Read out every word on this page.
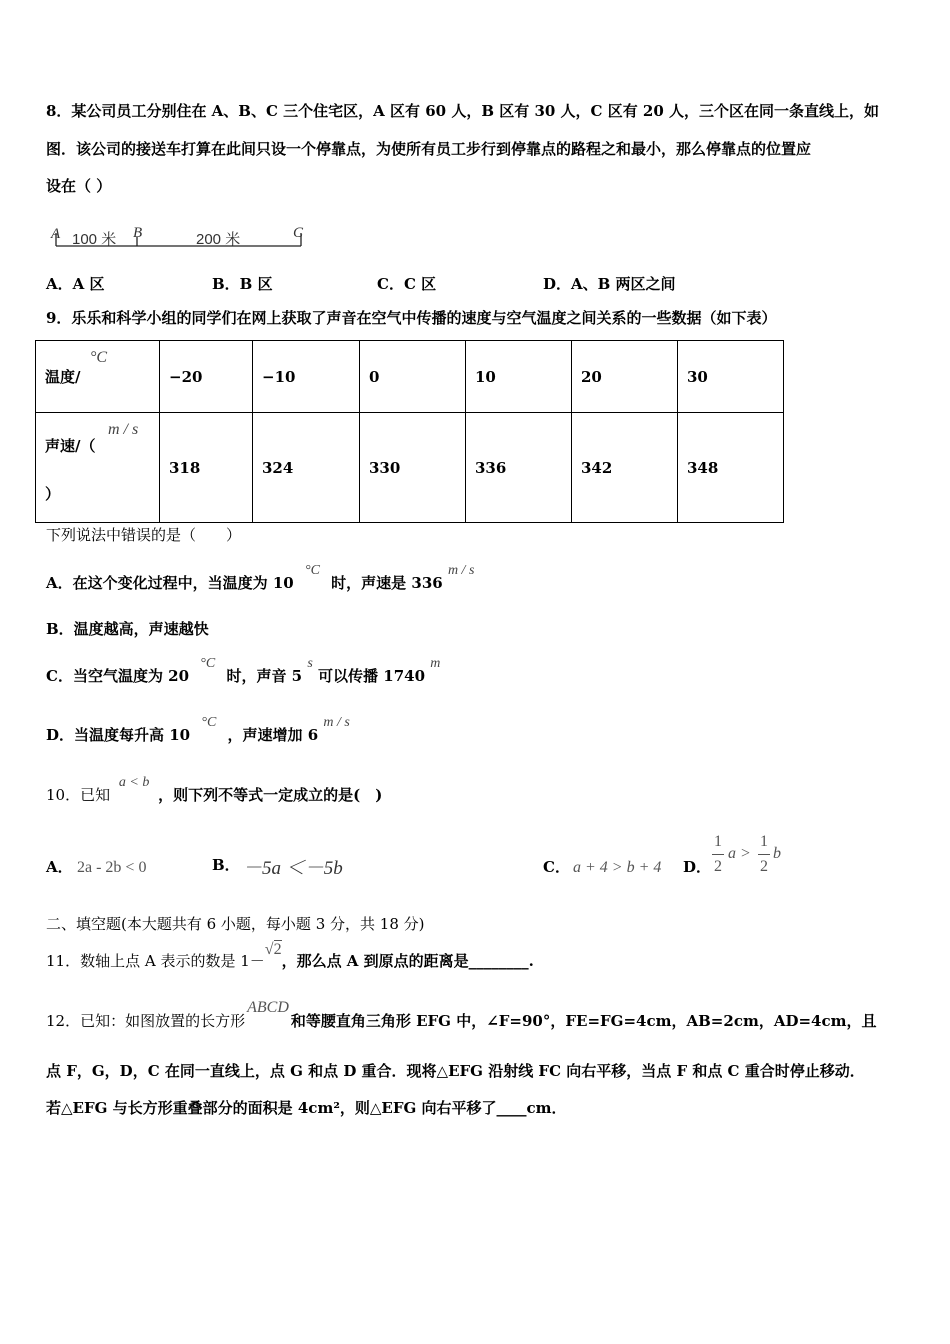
8．某公司员工分别住在 A、B、C 三个住宅区，A 区有 60 人，B 区有 30 人，C 区有 20 人，三个区在同一条直线上，如
图．该公司的接送车打算在此间只设一个停靠点，为使所有员工步行到停靠点的路程之和最小，那么停靠点的位置应
设在（ ）
A 100 米 B	200 米	C
A．A 区	B．B 区	C．C 区	D．A、B 两区之间
9．乐乐和科学小组的同学们在网上获取了声音在空气中传播的速度与空气温度之间关系的一些数据（如下表）
温度/
°C	−20	−10	0	10	20	30

声速/（
m / s
）	318	324	330	336	342	348
下列说法中错误的是（　　）
A．在这个变化过程中，当温度为 10 °C 时，声速是 336 m / s
B．温度越高，声速越快
C．当空气温度为 20 °C 时，声音 5 s 可以传播 1740 m
D．当温度每升高 10 °C ，声速增加 6 m / s
10．已知 a < b ，则下列不等式一定成立的是(　)
A． 2a - 2b < 0	B． －5a ＜－5b	C． a + 4 > b + 4 D．
1
2
a >
1
2
b
二、填空题(本大题共有 6 小题，每小题 3 分，共 18 分)
11．数轴上点 A 表示的数是 1－√2，那么点 A 到原点的距离是________.
12．已知：如图放置的长方形ABCD和等腰直角三角形 EFG 中，∠F=90°，FE=FG=4cm，AB=2cm，AD=4cm，且
点 F，G，D，C 在同一直线上，点 G 和点 D 重合．现将△EFG 沿射线 FC 向右平移，当点 F 和点 C 重合时停止移动．
若△EFG 与长方形重叠部分的面积是 4cm²，则△EFG 向右平移了____cm．
